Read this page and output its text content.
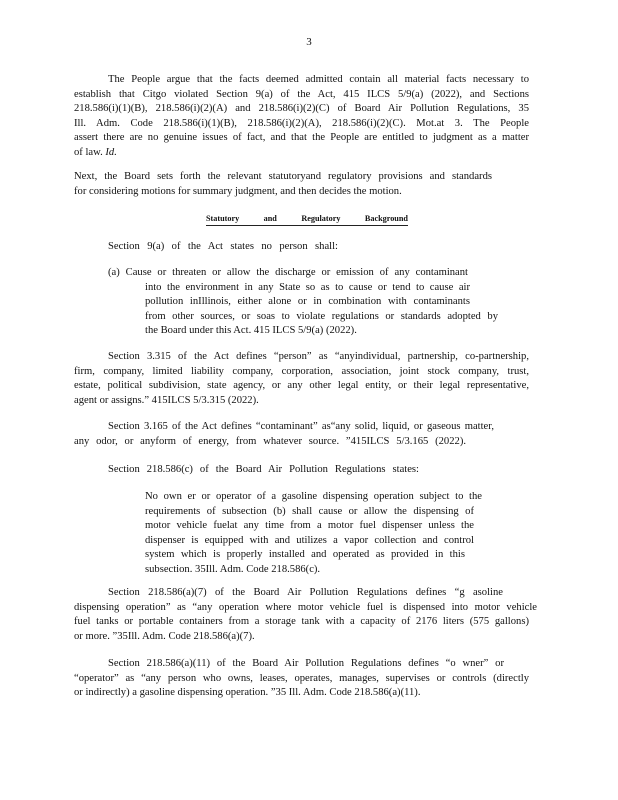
3
The People argue that the facts deemed admitted contain all material facts necessary to
establish that Citgo violated Section 9(a) of the Act, 415 ILCS 5/9(a) (2022), and Sections
218.586(i)(1)(B), 218.586(i)(2)(A) and 218.586(i)(2)(C) of Board Air Pollution Regulations, 35
Ill. Adm. Code 218.586(i)(1)(B), 218.586(i)(2)(A), 218.586(i)(2)(C). Mot.at 3. The People
assert there are no genuine issues of fact, and that the People are entitled to judgment as a matter
of law. Id.
Next, the Board sets forth the relevant statutoryand regulatory provisions and standards
for considering motions for summary judgment, and then decides the motion.
Statutory	and	Regulatory	Background
Section 9(a) of the Act states no person shall:
(a) Cause or threaten or allow the discharge or emission of any contaminant
into the environment in any State so as to cause or tend to cause air
pollution inIllinois, either alone or in combination with contaminants
from other sources, or soas to violate regulations or standards adopted by
the Board under this Act. 415 ILCS 5/9(a) (2022).
Section 3.315 of the Act defines “person” as “anyindividual, partnership, co-partnership,
firm, company, limited liability company, corporation, association, joint stock company, trust,
estate, political subdivision, state agency, or any other legal entity, or their legal representative,
agent or assigns.” 415ILCS 5/3.315 (2022).
Section 3.165 of the Act defines “contaminant” as“any solid, liquid, or gaseous matter,
any odor, or anyform of energy, from whatever source. ”415ILCS 5/3.165 (2022).
Section 218.586(c) of the Board Air Pollution Regulations states:
No own er or operator of a gasoline dispensing operation subject to the
requirements of subsection (b) shall cause or allow the dispensing of
motor vehicle fuelat any time from a motor fuel dispenser unless the
dispenser is equipped with and utilizes a vapor collection and control
system which is properly installed and operated as provided in this
subsection. 35Ill. Adm. Code 218.586(c).
Section 218.586(a)(7) of the Board Air Pollution Regulations defines “g asoline
dispensing operation” as “any operation where motor vehicle fuel is dispensed into motor vehicle
fuel tanks or portable containers from a storage tank with a capacity of 2176 liters (575 gallons)
or more. ”35Ill. Adm. Code 218.586(a)(7).
Section 218.586(a)(11) of the Board Air Pollution Regulations defines “o wner” or
“operator” as “any person who owns, leases, operates, manages, supervises or controls (directly
or indirectly) a gasoline dispensing operation. ”35 Ill. Adm. Code 218.586(a)(11).
